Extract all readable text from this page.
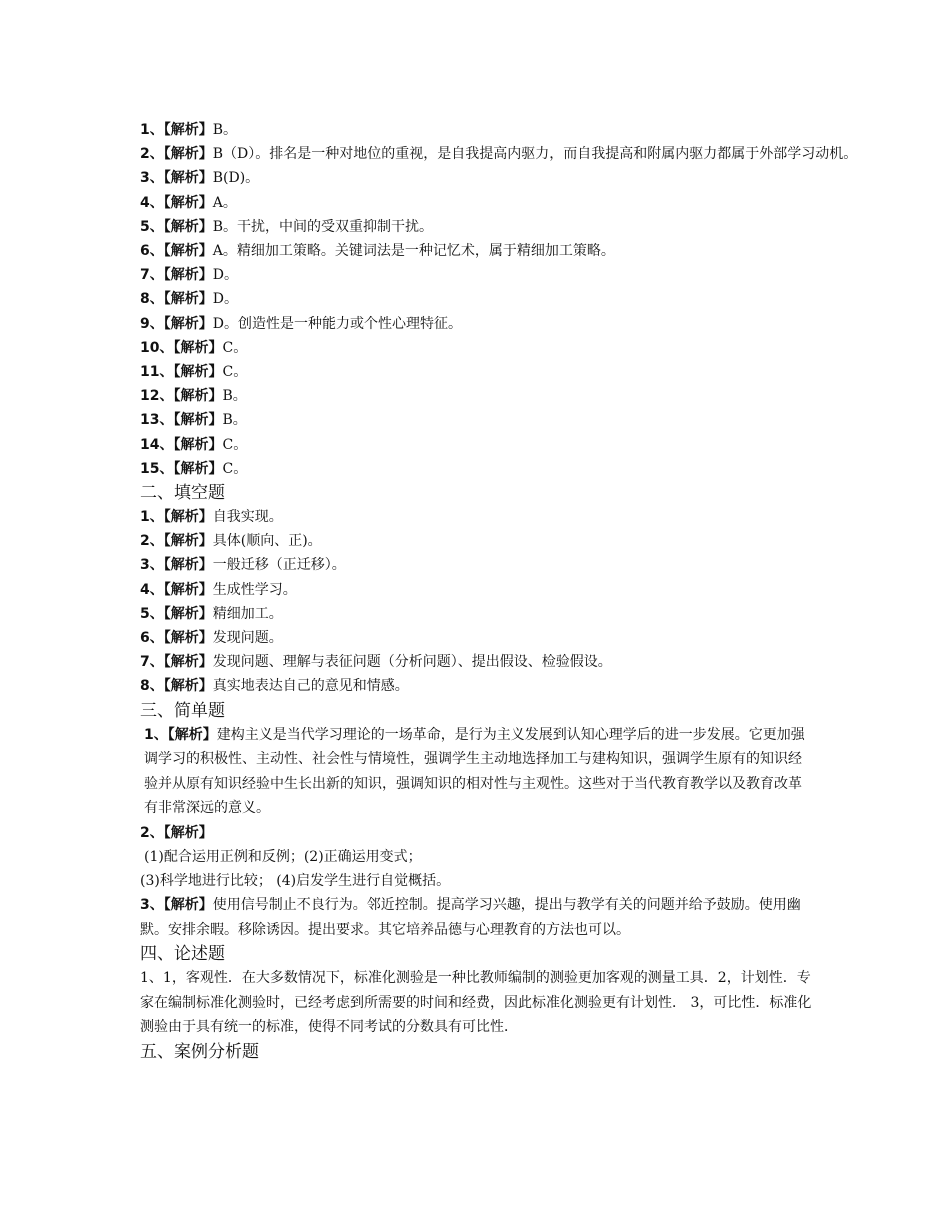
1、【解析】B。
2、【解析】B（D）。排名是一种对地位的重视，是自我提高内驱力，而自我提高和附属内驱力都属于外部学习动机。
3、【解析】B(D)。
4、【解析】A。
5、【解析】B。干扰，中间的受双重抑制干扰。
6、【解析】A。精细加工策略。关键词法是一种记忆术，属于精细加工策略。
7、【解析】D。
8、【解析】D。
9、【解析】D。创造性是一种能力或个性心理特征。
10、【解析】C。
11、【解析】C。
12、【解析】B。
13、【解析】B。
14、【解析】C。
15、【解析】C。
二、填空题
1、【解析】自我实现。
2、【解析】具体(顺向、正)。
3、【解析】一般迁移（正迁移）。
4、【解析】生成性学习。
5、【解析】精细加工。
6、【解析】发现问题。
7、【解析】发现问题、理解与表征问题（分析问题）、提出假设、检验假设。
8、【解析】真实地表达自己的意见和情感。
三、简单题
1、【解析】建构主义是当代学习理论的一场革命，是行为主义发展到认知心理学后的进一步发展。它更加强调学习的积极性、主动性、社会性与情境性，强调学生主动地选择加工与建构知识，强调学生原有的知识经验并从原有知识经验中生长出新的知识，强调知识的相对性与主观性。这些对于当代教育教学以及教育改革有非常深远的意义。
2、【解析】
(1)配合运用正例和反例；(2)正确运用变式；
(3)科学地进行比较； (4)启发学生进行自觉概括。
3、【解析】使用信号制止不良行为。邻近控制。提高学习兴趣，提出与教学有关的问题并给予鼓励。使用幽默。安排余暇。移除诱因。提出要求。其它培养品德与心理教育的方法也可以。
四、论述题
1、1，客观性．在大多数情况下，标准化测验是一种比教师编制的测验更加客观的测量工具．2，计划性．专家在编制标准化测验时，已经考虑到所需要的时间和经费，因此标准化测验更有计划性． 3，可比性．标准化测验由于具有统一的标准，使得不同考试的分数具有可比性．
五、案例分析题
